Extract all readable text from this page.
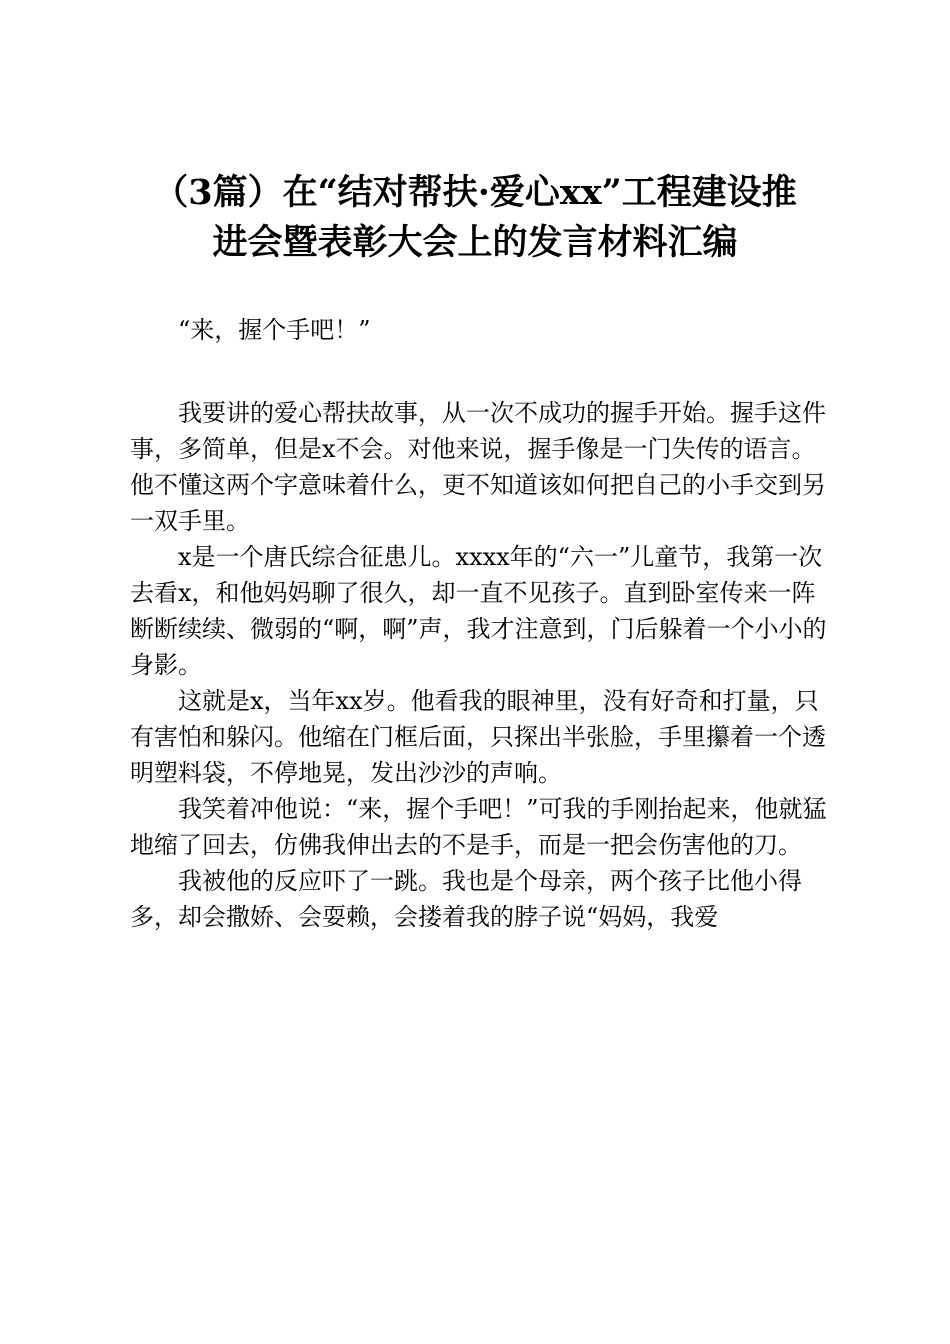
（3篇）在“结对帮扶·爱心xx”工程建设推
进会暨表彰大会上的发言材料汇编

“来，握个手吧！”

我要讲的爱心帮扶故事，从一次不成功的握手开始。握手这件事，多简单，但是x不会。对他来说，握手像是一门失传的语言。他不懂这两个字意味着什么，更不知道该如何把自己的小手交到另一双手里。

x是一个唐氏综合征患儿。xxxx年的“六一”儿童节，我第一次去看x，和他妈妈聊了很久，却一直不见孩子。直到卧室传来一阵断断续续、微弱的“啊，啊”声，我才注意到，门后躲着一个小小的身影。

这就是x，当年xx岁。他看我的眼神里，没有好奇和打量，只有害怕和躲闪。他缩在门框后面，只探出半张脸，手里攥着一个透明塑料袋，不停地晃，发出沙沙的声响。

我笑着冲他说：“来，握个手吧！”可我的手刚抬起来，他就猛地缩了回去，仿佛我伸出去的不是手，而是一把会伤害他的刀。

我被他的反应吓了一跳。我也是个母亲，两个孩子比他小得多，却会撒娇、会耍赖，会搂着我的脖子说“妈妈，我爱
